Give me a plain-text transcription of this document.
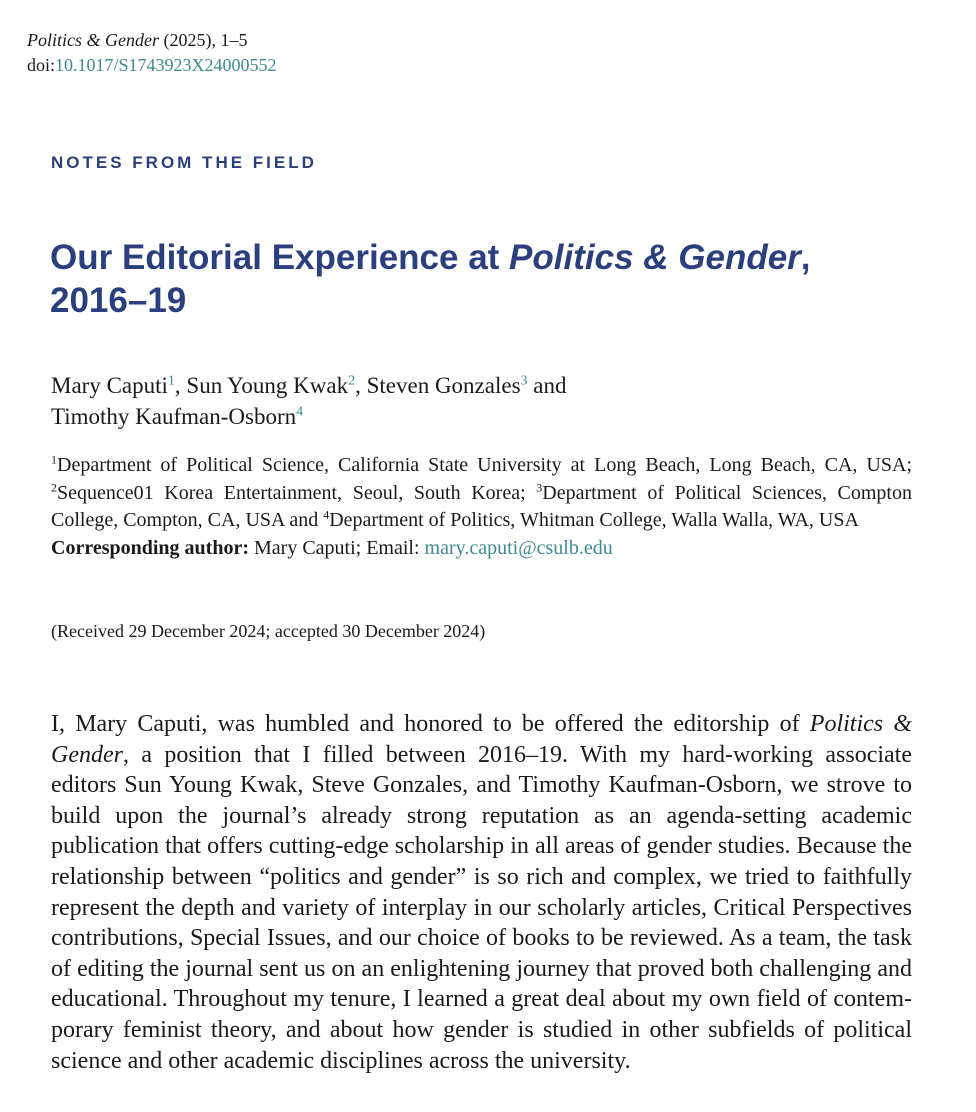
Politics & Gender (2025), 1–5
doi:10.1017/S1743923X24000552
NOTES FROM THE FIELD
Our Editorial Experience at Politics & Gender,
2016–19
Mary Caputi$^1$, Sun Young Kwak$^2$, Steven Gonzales$^3$ and
Timothy Kaufman-Osborn$^4$
$^1$Department of Political Science, California State University at Long Beach, Long Beach, CA, USA; $^2$Sequence01 Korea Entertainment, Seoul, South Korea; $^3$Department of Political Sciences, Compton College, Compton, CA, USA and $^4$Department of Politics, Whitman College, Walla Walla, WA, USA
Corresponding author: Mary Caputi; Email: mary.caputi@csulb.edu
(Received 29 December 2024; accepted 30 December 2024)

I, Mary Caputi, was humbled and honored to be offered the editorship of Politics & Gender, a position that I filled between 2016–19. With my hard-working associate editors Sun Young Kwak, Steve Gonzales, and Timothy Kaufman-Osborn, we strove to build upon the journal’s already strong reputation as an agenda-setting academic publication that offers cutting-edge scholarship in all areas of gender studies. Because the relationship between “politics and gender” is so rich and complex, we tried to faithfully represent the depth and variety of interplay in our scholarly articles, Critical Perspectives contributions, Special Issues, and our choice of books to be reviewed. As a team, the task of editing the journal sent us on an enlightening journey that proved both challenging and educational. Throughout my tenure, I learned a great deal about my own field of contemporary feminist theory, and about how gender is studied in other subfields of political science and other academic disciplines across the university.
